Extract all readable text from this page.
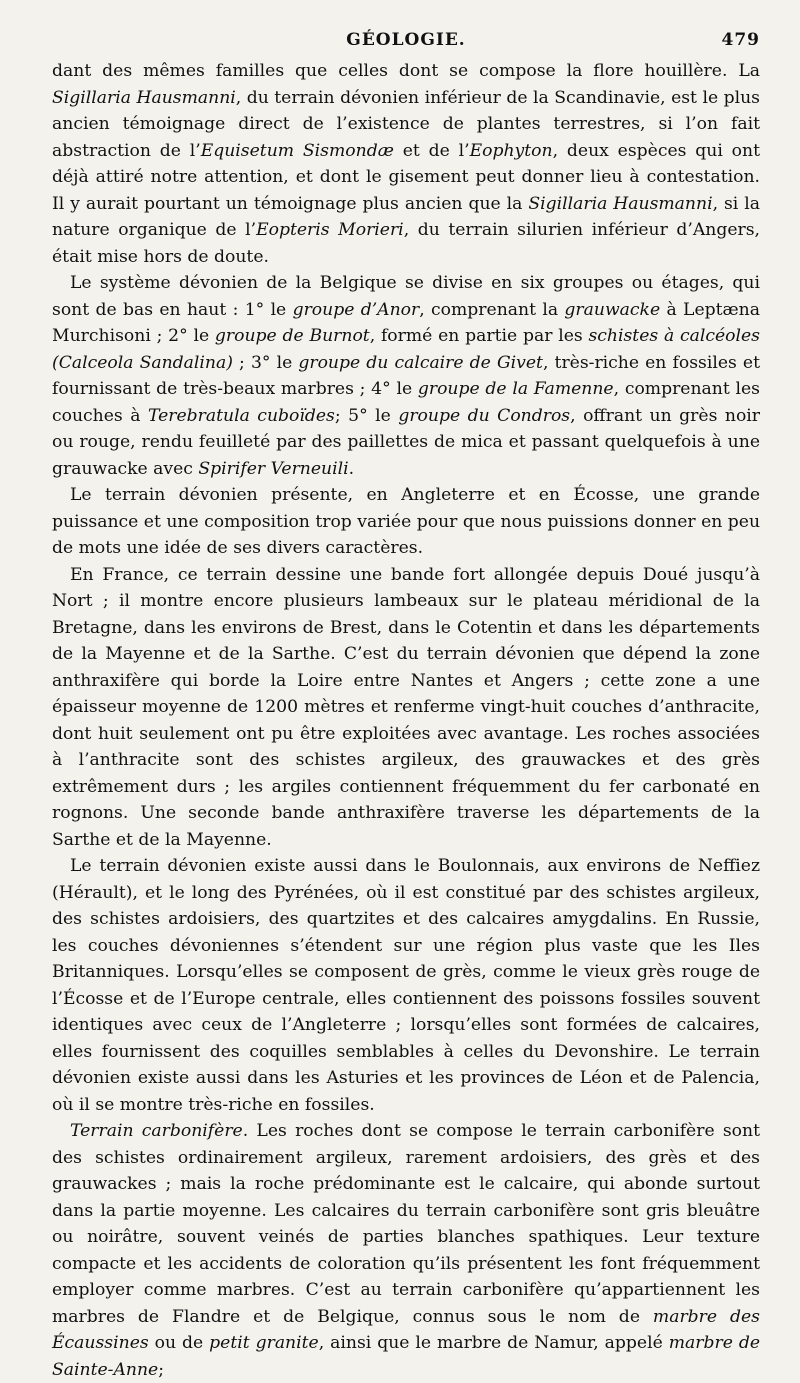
GÉOLOGIE.	479

dant des mêmes familles que celles dont se compose la flore houillère. La Sigillaria Hausmanni, du terrain dévonien inférieur de la Scandinavie, est le plus ancien témoignage direct de l’existence de plantes terrestres, si l’on fait abstraction de l’Equisetum Sismondæ et de l’Eophyton, deux espèces qui ont déjà attiré notre attention, et dont le gisement peut donner lieu à contestation. Il y aurait pourtant un témoignage plus ancien que la Sigillaria Hausmanni, si la nature organique de l’Eopteris Morieri, du terrain silurien inférieur d’Angers, était mise hors de doute.

Le système dévonien de la Belgique se divise en six groupes ou étages, qui sont de bas en haut : 1° le groupe d’Anor, comprenant la grauwacke à Leptæna Murchisoni ; 2° le groupe de Burnot, formé en partie par les schistes à calcéoles (Calceola Sandalina) ; 3° le groupe du calcaire de Givet, très-riche en fossiles et fournissant de très-beaux marbres ; 4° le groupe de la Famenne, comprenant les couches à Terebratula cuboïdes; 5° le groupe du Condros, offrant un grès noir ou rouge, rendu feuilleté par des paillettes de mica et passant quelquefois à une grauwacke avec Spirifer Verneuili.

Le terrain dévonien présente, en Angleterre et en Écosse, une grande puissance et une composition trop variée pour que nous puissions donner en peu de mots une idée de ses divers caractères.

En France, ce terrain dessine une bande fort allongée depuis Doué jusqu’à Nort ; il montre encore plusieurs lambeaux sur le plateau méridional de la Bretagne, dans les environs de Brest, dans le Cotentin et dans les départements de la Mayenne et de la Sarthe. C’est du terrain dévonien que dépend la zone anthraxifère qui borde la Loire entre Nantes et Angers ; cette zone a une épaisseur moyenne de 1200 mètres et renferme vingt-huit couches d’anthracite, dont huit seulement ont pu être exploitées avec avantage. Les roches associées à l’anthracite sont des schistes argileux, des grauwackes et des grès extrêmement durs ; les argiles contiennent fréquemment du fer carbonaté en rognons. Une seconde bande anthraxifère traverse les départements de la Sarthe et de la Mayenne.

Le terrain dévonien existe aussi dans le Boulonnais, aux environs de Neffiez (Hérault), et le long des Pyrénées, où il est constitué par des schistes argileux, des schistes ardoisiers, des quartzites et des calcaires amygdalins. En Russie, les couches dévoniennes s’étendent sur une région plus vaste que les Iles Britanniques. Lorsqu’elles se composent de grès, comme le vieux grès rouge de l’Écosse et de l’Europe centrale, elles contiennent des poissons fossiles souvent identiques avec ceux de l’Angleterre ; lorsqu’elles sont formées de calcaires, elles fournissent des coquilles semblables à celles du Devonshire. Le terrain dévonien existe aussi dans les Asturies et les provinces de Léon et de Palencia, où il se montre très-riche en fossiles.

Terrain carbonifère. Les roches dont se compose le terrain carbonifère sont des schistes ordinairement argileux, rarement ardoisiers, des grès et des grauwackes ; mais la roche prédominante est le calcaire, qui abonde surtout dans la partie moyenne. Les calcaires du terrain carbonifère sont gris bleuâtre ou noirâtre, souvent veinés de parties blanches spathiques. Leur texture compacte et les accidents de coloration qu’ils présentent les font fréquemment employer comme marbres. C’est au terrain carbonifère qu’appartiennent les marbres de Flandre et de Belgique, connus sous le nom de marbre des Écaussines ou de petit granite, ainsi que le marbre de Namur, appelé marbre de Sainte-Anne;
